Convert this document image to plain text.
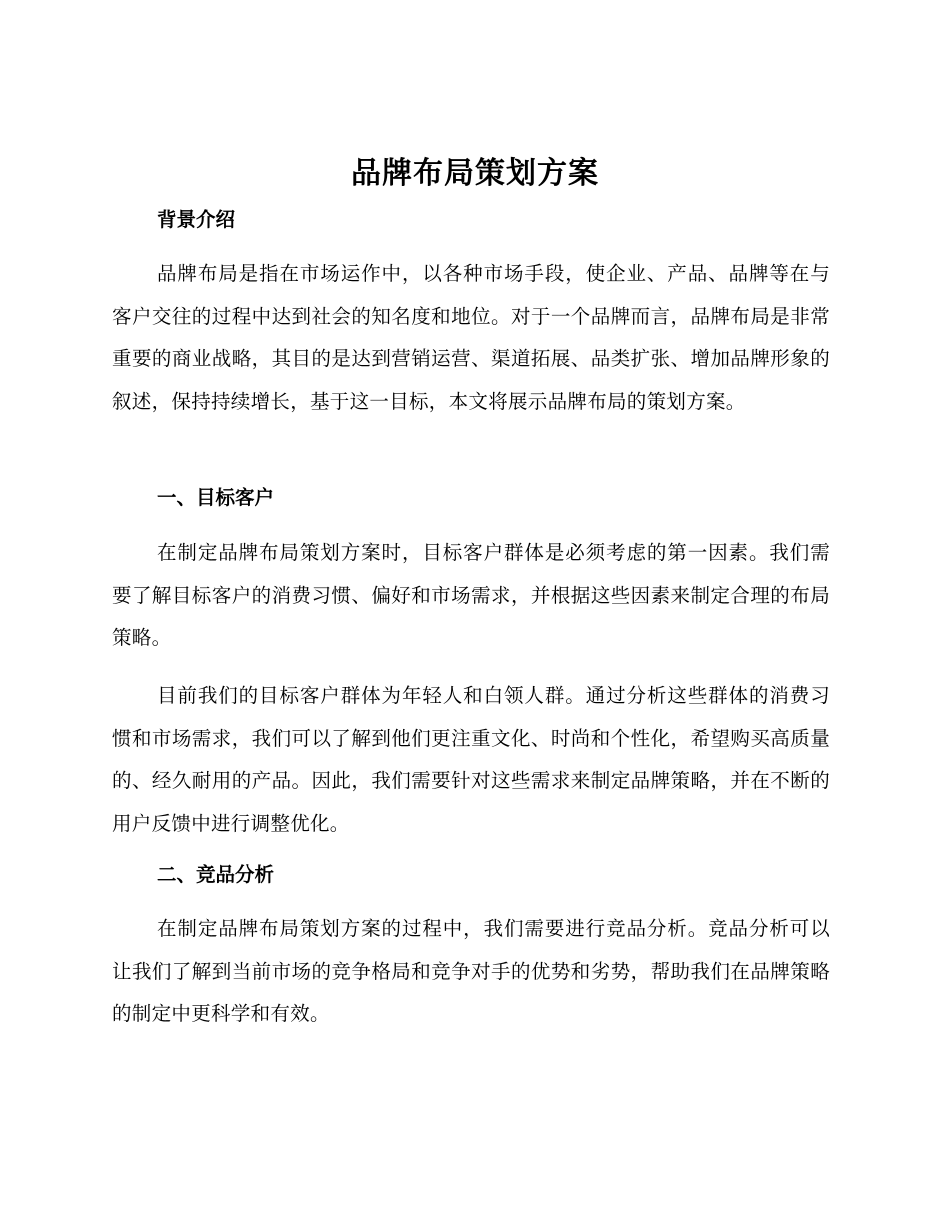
品牌布局策划方案
背景介绍

品牌布局是指在市场运作中，以各种市场手段，使企业、产品、品牌等在与客户交往的过程中达到社会的知名度和地位。对于一个品牌而言，品牌布局是非常重要的商业战略，其目的是达到营销运营、渠道拓展、品类扩张、增加品牌形象的叙述，保持持续增长，基于这一目标，本文将展示品牌布局的策划方案。

一、目标客户

在制定品牌布局策划方案时，目标客户群体是必须考虑的第一因素。我们需要了解目标客户的消费习惯、偏好和市场需求，并根据这些因素来制定合理的布局策略。

目前我们的目标客户群体为年轻人和白领人群。通过分析这些群体的消费习惯和市场需求，我们可以了解到他们更注重文化、时尚和个性化，希望购买高质量的、经久耐用的产品。因此，我们需要针对这些需求来制定品牌策略，并在不断的用户反馈中进行调整优化。

二、竞品分析

在制定品牌布局策划方案的过程中，我们需要进行竞品分析。竞品分析可以让我们了解到当前市场的竞争格局和竞争对手的优势和劣势，帮助我们在品牌策略的制定中更科学和有效。
